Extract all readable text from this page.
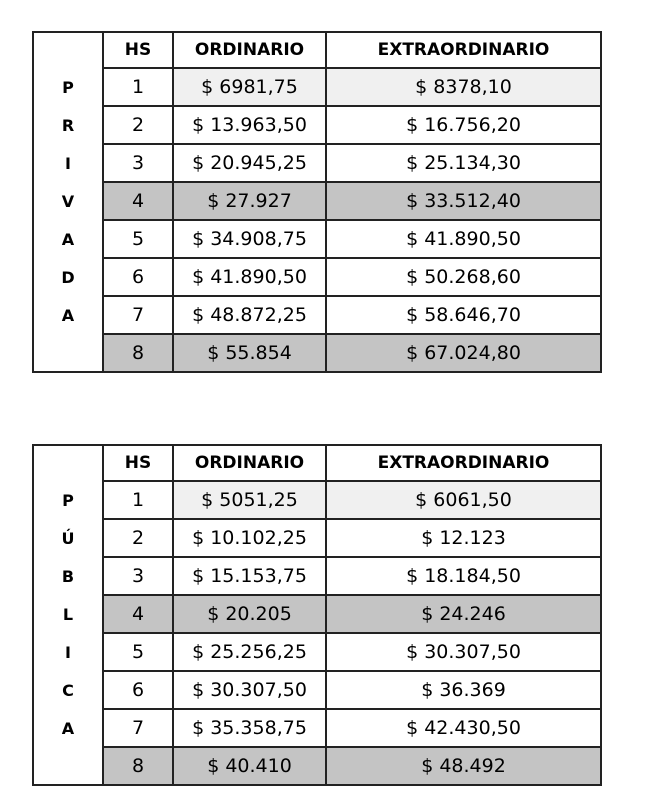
	HS	ORDINARIO	EXTRAORDINARIO
P	1	$ 6981,75	$ 8378,10
R	2	$ 13.963,50	$ 16.756,20
I	3	$ 20.945,25	$ 25.134,30
V	4	$ 27.927	$ 33.512,40
A	5	$ 34.908,75	$ 41.890,50
D	6	$ 41.890,50	$ 50.268,60
A	7	$ 48.872,25	$ 58.646,70
	8	$ 55.854	$ 67.024,80
	HS	ORDINARIO	EXTRAORDINARIO
P	1	$ 5051,25	$ 6061,50
Ú	2	$ 10.102,25	$ 12.123
B	3	$ 15.153,75	$ 18.184,50
L	4	$ 20.205	$ 24.246
I	5	$ 25.256,25	$ 30.307,50
C	6	$ 30.307,50	$ 36.369
A	7	$ 35.358,75	$ 42.430,50
	8	$ 40.410	$ 48.492
